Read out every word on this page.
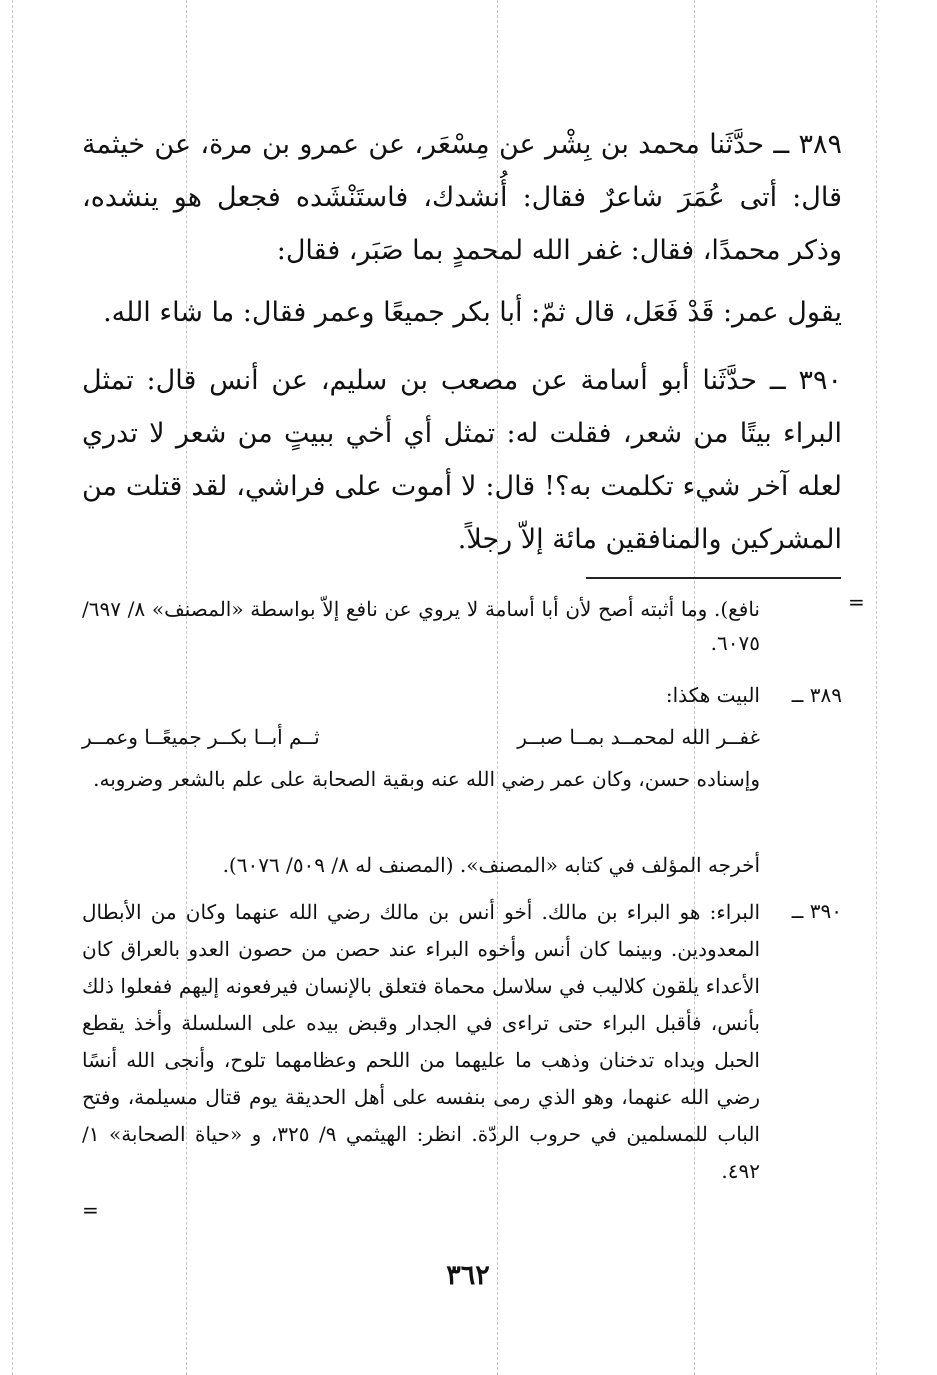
٣٨٩ ــ حدَّثَنا محمد بن بِشْر عن مِسْعَر، عن عمرو بن مرة، عن خيثمة قال: أتى عُمَرَ شاعرٌ فقال: أُنشدك، فاستَنْشَده فجعل هو ينشده، وذكر محمدًا، فقال: غفر الله لمحمدٍ بما صَبَر، فقال:
يقول عمر: قَدْ فَعَل، قال ثمّ: أبا بكر جميعًا وعمر فقال: ما شاء الله.
٣٩٠ ــ حدَّثَنا أبو أسامة عن مصعب بن سليم، عن أنس قال: تمثل البراء بيتًا من شعر، فقلت له: تمثل أي أخي ببيتٍ من شعر لا تدري لعله آخر شيء تكلمت به؟! قال: لا أموت على فراشي، لقد قتلت من المشركين والمنافقين مائة إلاّ رجلاً.
=
نافع). وما أثبته أصح لأن أبا أسامة لا يروي عن نافع إلاّ بواسطة «المصنف» ٨/ ٦٩٧/ ٦٠٧٥.
٣٨٩ ــ
البيت هكذا:
غفــر الله لمحمــد بمــا صبــر
ثــم أبــا بكــر جميعًــا وعمــر
وإسناده حسن، وكان عمر رضي الله عنه وبقية الصحابة على علم بالشعر وضروبه.
أخرجه المؤلف في كتابه «المصنف». (المصنف له ٨/ ٥٠٩/ ٦٠٧٦).
٣٩٠ ــ
البراء: هو البراء بن مالك. أخو أنس بن مالك رضي الله عنهما وكان من الأبطال المعدودين. وبينما كان أنس وأخوه البراء عند حصن من حصون العدو بالعراق كان الأعداء يلقون كلاليب في سلاسل محماة فتعلق بالإنسان فيرفعونه إليهم ففعلوا ذلك بأنس، فأقبل البراء حتى تراءى في الجدار وقبض بيده على السلسلة وأخذ يقطع الحبل ويداه تدخنان وذهب ما عليهما من اللحم وعظامهما تلوح، وأنجى الله أنسًا رضي الله عنهما، وهو الذي رمى بنفسه على أهل الحديقة يوم قتال مسيلمة، وفتح الباب للمسلمين في حروب الردّة. انظر: الهيثمي ٩/ ٣٢٥، و «حياة الصحابة» ١/ ٤٩٢.
=
٣٦٢
